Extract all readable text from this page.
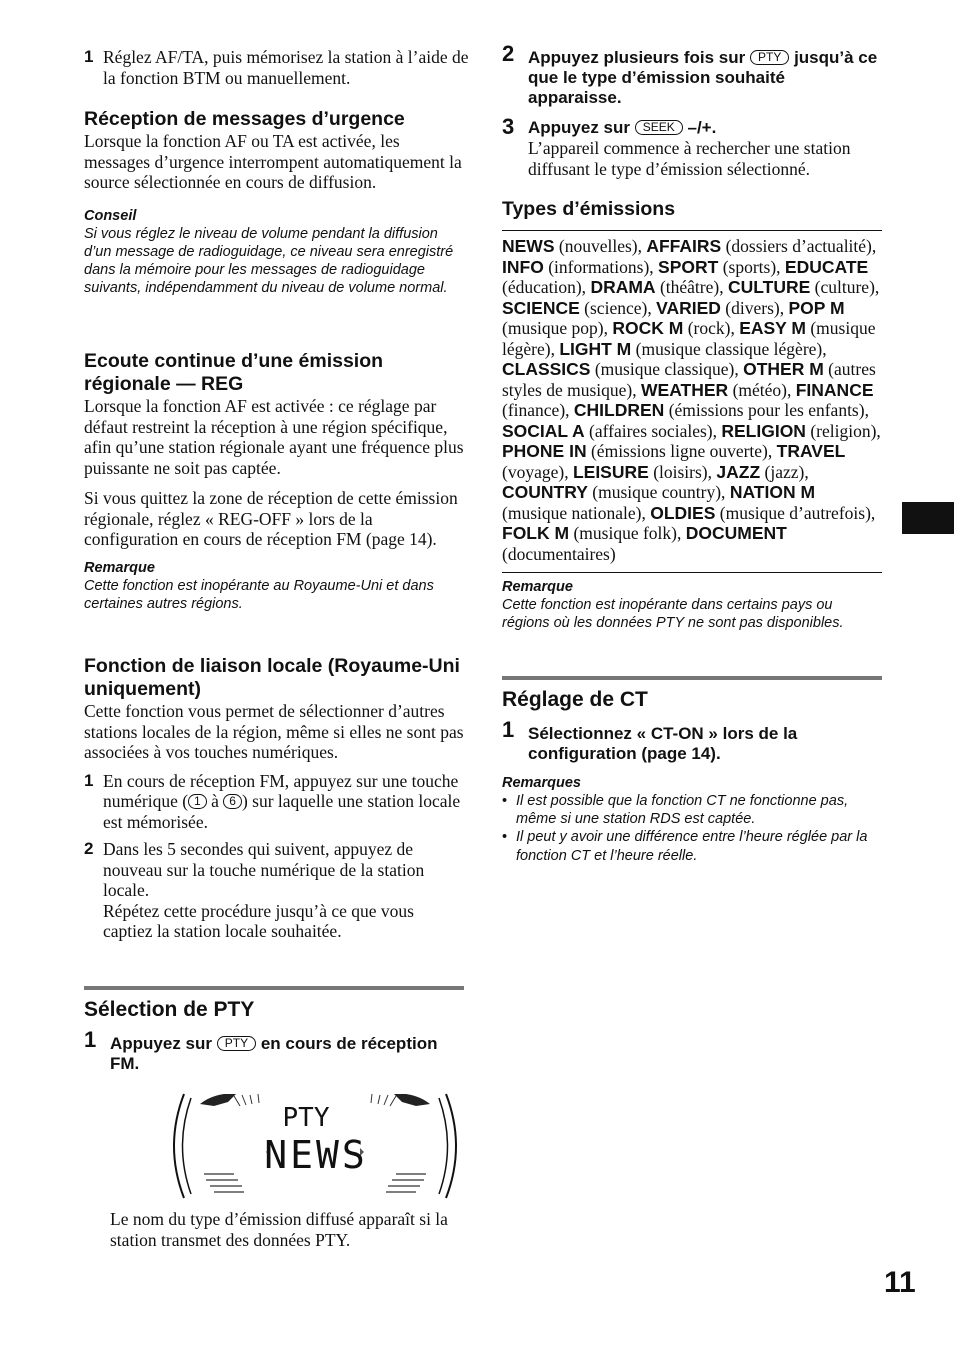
1 Réglez AF/TA, puis mémorisez la station à l’aide de la fonction BTM ou manuellement.

Réception de messages d’urgence

Lorsque la fonction AF ou TA est activée, les messages d’urgence interrompent automatiquement la source sélectionnée en cours de diffusion.

Conseil

Si vous réglez le niveau de volume pendant la diffusion d’un message de radioguidage, ce niveau sera enregistré dans la mémoire pour les messages de radioguidage suivants, indépendamment du niveau de volume normal.

Ecoute continue d’une émission régionale — REG

Lorsque la fonction AF est activée : ce réglage par défaut restreint la réception à une région spécifique, afin qu’une station régionale ayant une fréquence plus puissante ne soit pas captée.

Si vous quittez la zone de réception de cette émission régionale, réglez « REG-OFF » lors de la configuration en cours de réception FM (page 14).

Remarque

Cette fonction est inopérante au Royaume-Uni et dans certaines autres régions.

Fonction de liaison locale (Royaume-Uni uniquement)

Cette fonction vous permet de sélectionner d’autres stations locales de la région, même si elles ne sont pas associées à vos touches numériques.

1 En cours de réception FM, appuyez sur une touche numérique ( 1 à 6 ) sur laquelle une station locale est mémorisée.

2 Dans les 5 secondes qui suivent, appuyez de nouveau sur la touche numérique de la station locale.

Répétez cette procédure jusqu’à ce que vous captiez la station locale souhaitée.

Sélection de PTY
1 Appuyez sur PTY en cours de réception FM.

PTY
NEWS

Le nom du type d’émission diffusé apparaît si la station transmet des données PTY.

2 Appuyez plusieurs fois sur PTY jusqu’à ce que le type d’émission souhaité apparaisse.

3 Appuyez sur SEEK –/+.

L’appareil commence à rechercher une station diffusant le type d’émission sélectionné.

Types d’émissions

NEWS (nouvelles), AFFAIRS (dossiers d’actualité), INFO (informations), SPORT (sports), EDUCATE (éducation), DRAMA (théâtre), CULTURE (culture), SCIENCE (science), VARIED (divers), POP M (musique pop), ROCK M (rock), EASY M (musique légère), LIGHT M (musique classique légère), CLASSICS (musique classique), OTHER M (autres styles de musique), WEATHER (météo), FINANCE (finance), CHILDREN (émissions pour les enfants), SOCIAL A (affaires sociales), RELIGION (religion), PHONE IN (émissions ligne ouverte), TRAVEL (voyage), LEISURE (loisirs), JAZZ (jazz), COUNTRY (musique country), NATION M (musique nationale), OLDIES (musique d’autrefois), FOLK M (musique folk), DOCUMENT (documentaires)

Remarque

Cette fonction est inopérante dans certains pays ou régions où les données PTY ne sont pas disponibles.

Réglage de CT
1 Sélectionnez « CT-ON » lors de la configuration (page 14).

Remarques
• Il est possible que la fonction CT ne fonctionne pas, même si une station RDS est captée.

• Il peut y avoir une différence entre l’heure réglée par la fonction CT et l’heure réelle.

11
